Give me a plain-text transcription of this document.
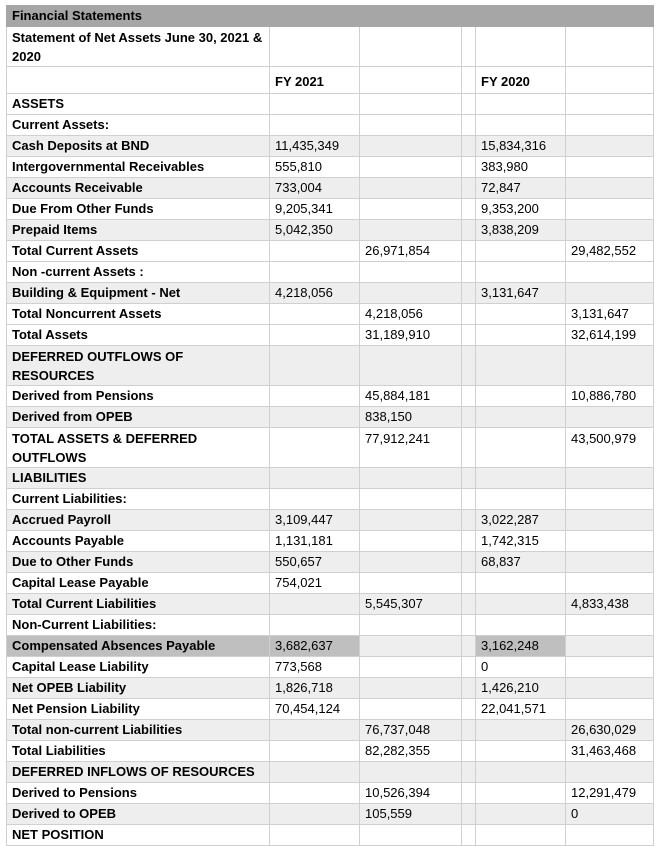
Financial Statements					
Statement of Net Assets June 30, 2021 & 2020					
	FY 2021			FY 2020	
ASSETS					
Current Assets:					
Cash Deposits at BND	11,435,349			15,834,316	
Intergovernmental Receivables	555,810			383,980	
Accounts Receivable	733,004			72,847	
Due From Other Funds	9,205,341			9,353,200	
Prepaid Items	5,042,350			3,838,209	
Total Current Assets		26,971,854			29,482,552
Non -current Assets :					
Building & Equipment - Net	4,218,056			3,131,647	
Total Noncurrent Assets		4,218,056			3,131,647
Total Assets		31,189,910			32,614,199
DEFERRED OUTFLOWS OF RESOURCES					
Derived from Pensions		45,884,181			10,886,780
Derived from OPEB		838,150			
TOTAL ASSETS & DEFERRED OUTFLOWS		77,912,241			43,500,979
LIABILITIES					
Current Liabilities:					
Accrued Payroll	3,109,447			3,022,287	
Accounts Payable	1,131,181			1,742,315	
Due to Other Funds	550,657			68,837	
Capital Lease Payable	754,021				
Total Current Liabilities		5,545,307			4,833,438
Non-Current Liabilities:					
Compensated Absences Payable	3,682,637			3,162,248	
Capital Lease Liability	773,568			0	
Net OPEB Liability	1,826,718			1,426,210	
Net Pension Liability	70,454,124			22,041,571	
Total non-current Liabilities		76,737,048			26,630,029
Total Liabilities		82,282,355			31,463,468
DEFERRED INFLOWS OF RESOURCES					
Derived to Pensions		10,526,394			12,291,479
Derived to OPEB		105,559			0
NET POSITION					
